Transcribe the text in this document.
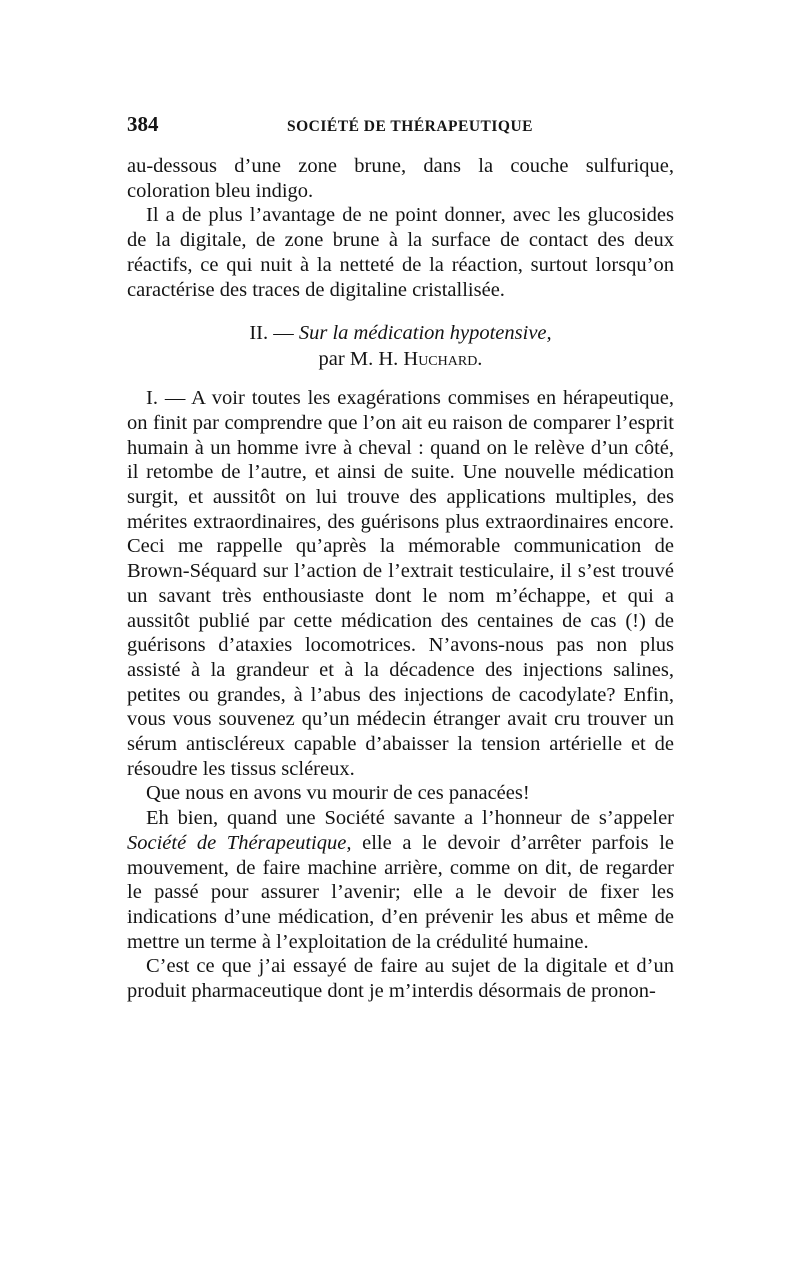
384	SOCIÉTÉ DE THÉRAPEUTIQUE

au-dessous d’une zone brune, dans la couche sulfurique, coloration bleu indigo.

Il a de plus l’avantage de ne point donner, avec les glucosides de la digitale, de zone brune à la surface de contact des deux réactifs, ce qui nuit à la netteté de la réaction, surtout lorsqu’on caractérise des traces de digitaline cristallisée.

II. — Sur la médication hypotensive,
par M. H. Huchard.

I. — A voir toutes les exagérations commises en hérapeutique, on finit par comprendre que l’on ait eu raison de comparer l’esprit humain à un homme ivre à cheval : quand on le relève d’un côté, il retombe de l’autre, et ainsi de suite. Une nouvelle médication surgit, et aussitôt on lui trouve des applications multiples, des mérites extraordinaires, des guérisons plus extraordinaires encore. Ceci me rappelle qu’après la mémorable communication de Brown-Séquard sur l’action de l’extrait testiculaire, il s’est trouvé un savant très enthousiaste dont le nom m’échappe, et qui a aussitôt publié par cette médication des centaines de cas (!) de guérisons d’ataxies locomotrices. N’avons-nous pas non plus assisté à la grandeur et à la décadence des injections salines, petites ou grandes, à l’abus des injections de cacodylate? Enfin, vous vous souvenez qu’un médecin étranger avait cru trouver un sérum antiscléreux capable d’abaisser la tension artérielle et de résoudre les tissus scléreux.

Que nous en avons vu mourir de ces panacées!

Eh bien, quand une Société savante a l’honneur de s’appeler Société de Thérapeutique, elle a le devoir d’arrêter parfois le mouvement, de faire machine arrière, comme on dit, de regarder le passé pour assurer l’avenir; elle a le devoir de fixer les indications d’une médication, d’en prévenir les abus et même de mettre un terme à l’exploitation de la crédulité humaine.

C’est ce que j’ai essayé de faire au sujet de la digitale et d’un produit pharmaceutique dont je m’interdis désormais de pronon-
